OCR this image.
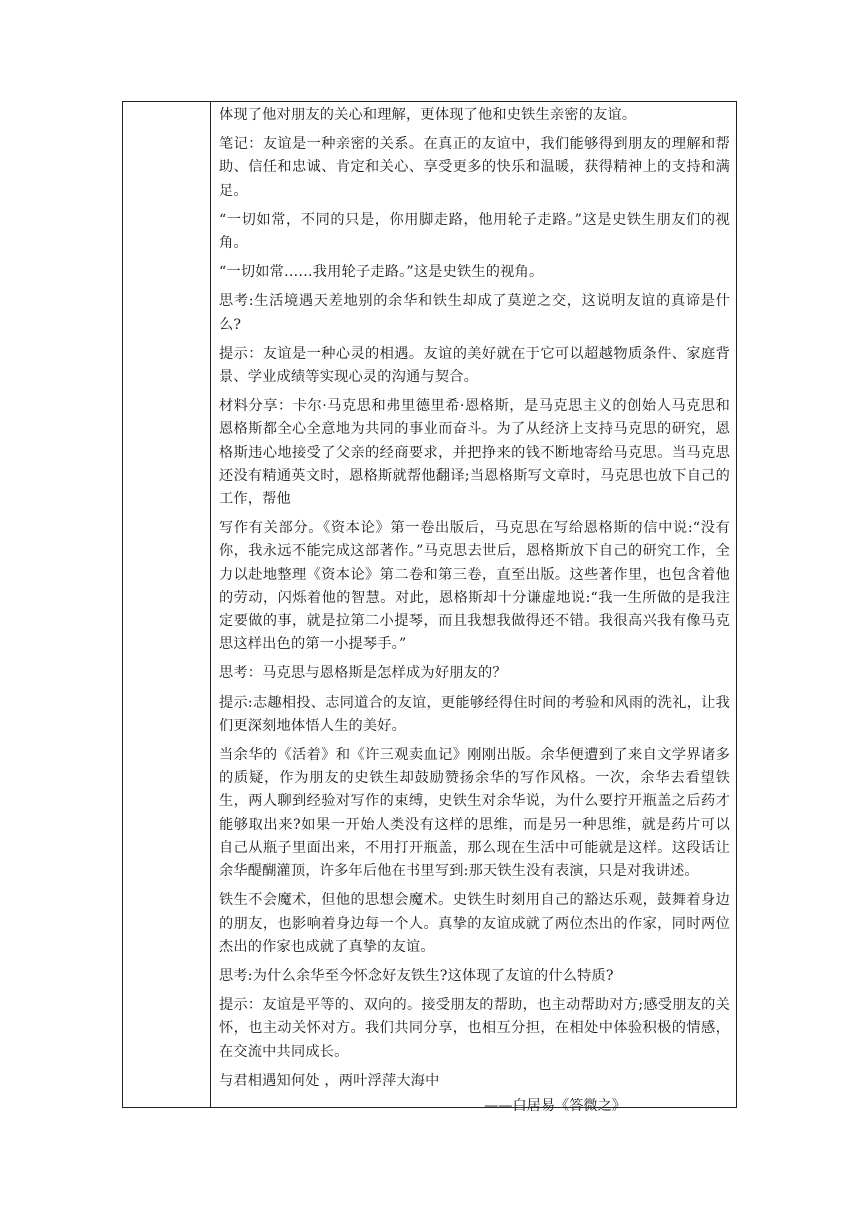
体现了他对朋友的关心和理解，更体现了他和史铁生亲密的友谊。

笔记：友谊是一种亲密的关系。在真正的友谊中，我们能够得到朋友的理解和帮助、信任和忠诚、肯定和关心、享受更多的快乐和温暖，获得精神上的支持和满足。

“一切如常，不同的只是，你用脚走路，他用轮子走路。”这是史铁生朋友们的视角。

“一切如常……我用轮子走路。”这是史铁生的视角。

思考:生活境遇天差地别的余华和铁生却成了莫逆之交，这说明友谊的真谛是什么?

提示：友谊是一种心灵的相遇。友谊的美好就在于它可以超越物质条件、家庭背景、学业成绩等实现心灵的沟通与契合。

材料分享：卡尔·马克思和弗里德里希·恩格斯，是马克思主义的创始人马克思和恩格斯都全心全意地为共同的事业而奋斗。为了从经济上支持马克思的研究，恩格斯违心地接受了父亲的经商要求，并把挣来的钱不断地寄给马克思。当马克思还没有精通英文时，恩格斯就帮他翻译;当恩格斯写文章时，马克思也放下自己的工作，帮他

写作有关部分。《资本论》第一卷出版后，马克思在写给恩格斯的信中说:“没有你，我永远不能完成这部著作。”马克思去世后，恩格斯放下自己的研究工作，全力以赴地整理《资本论》第二卷和第三卷，直至出版。这些著作里，也包含着他的劳动，闪烁着他的智慧。对此，恩格斯却十分谦虚地说:“我一生所做的是我注定要做的事，就是拉第二小提琴，而且我想我做得还不错。我很高兴我有像马克思这样出色的第一小提琴手。”

思考：马克思与恩格斯是怎样成为好朋友的？

提示:志趣相投、志同道合的友谊，更能够经得住时间的考验和风雨的洗礼，让我们更深刻地体悟人生的美好。

当余华的《活着》和《许三观卖血记》刚刚出版。余华便遭到了来自文学界诸多的质疑，作为朋友的史铁生却鼓励赞扬余华的写作风格。一次，余华去看望铁生，两人聊到经验对写作的束缚，史铁生对余华说，为什么要拧开瓶盖之后药才能够取出来?如果一开始人类没有这样的思维，而是另一种思维，就是药片可以自己从瓶子里面出来，不用打开瓶盖，那么现在生活中可能就是这样。这段话让余华醍醐灌顶，许多年后他在书里写到:那天铁生没有表演，只是对我讲述。

铁生不会魔术，但他的思想会魔术。史铁生时刻用自己的豁达乐观，鼓舞着身边的朋友，也影响着身边每一个人。真挚的友谊成就了两位杰出的作家，同时两位杰出的作家也成就了真挚的友谊。

思考:为什么余华至今怀念好友铁生?这体现了友谊的什么特质?

提示：友谊是平等的、双向的。接受朋友的帮助，也主动帮助对方;感受朋友的关怀，也主动关怀对方。我们共同分享，也相互分担，在相处中体验积极的情感，在交流中共同成长。

与君相遇知何处 ，两叶浮萍大海中

——白居易《答微之》
